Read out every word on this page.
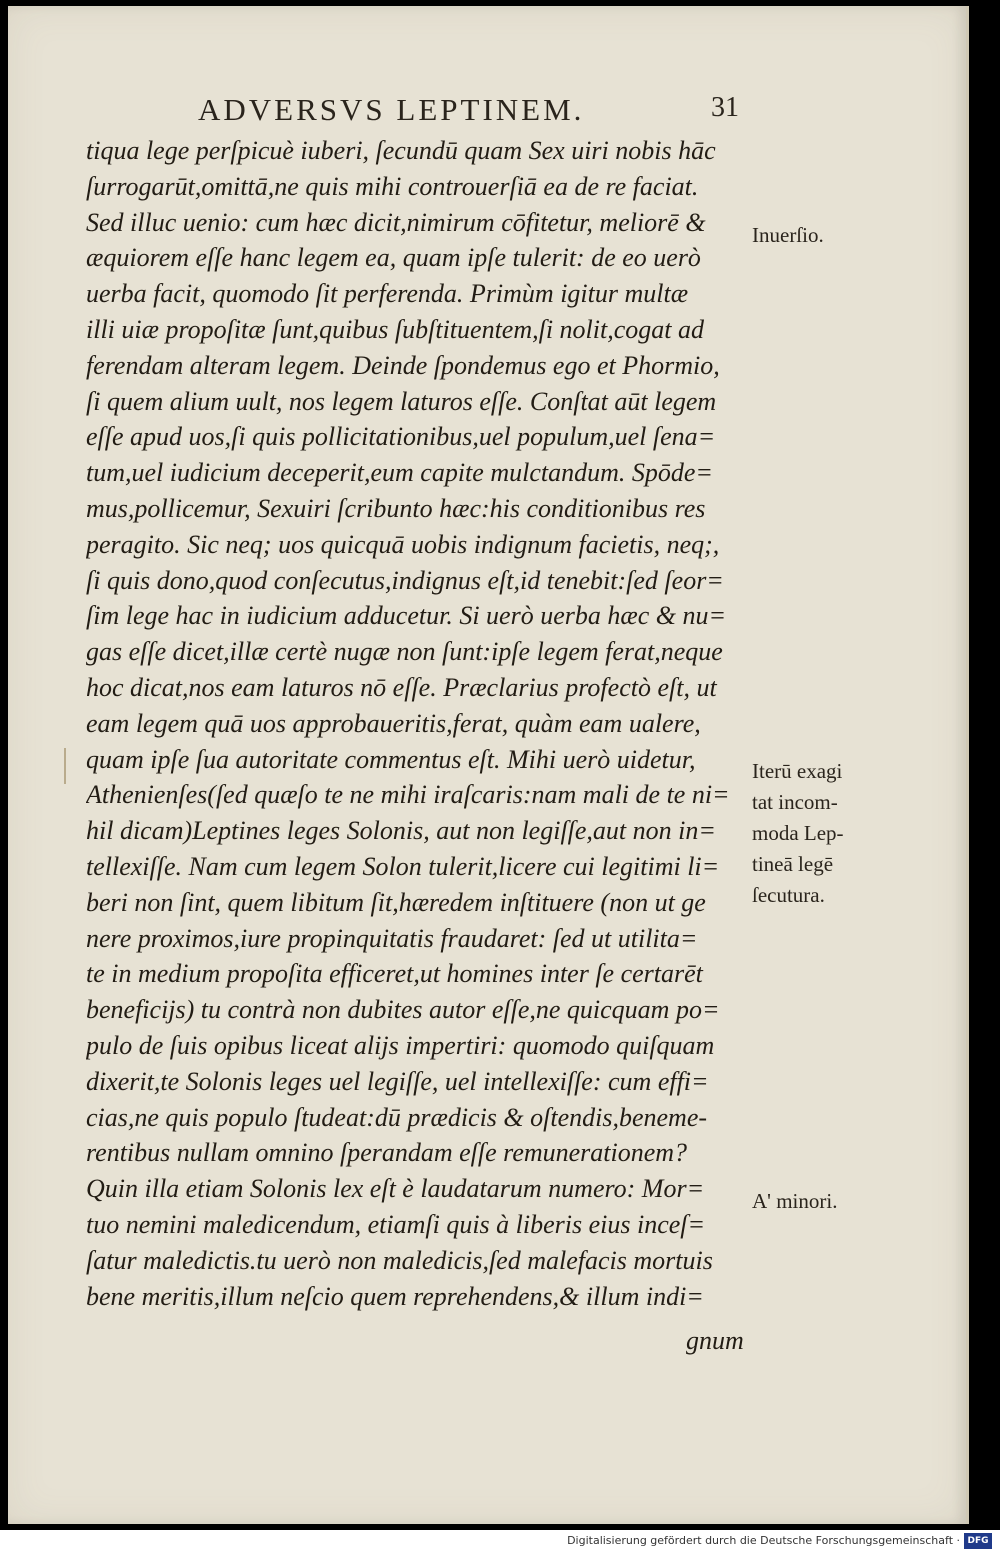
ADVERSVS LEPTINEM.	31
tiqua lege perſpicuè iuberi, ſecundū quam Sex uiri nobis hāc
ſurrogarūt,omittā,ne quis mihi controuerſiā ea de re faciat.
Sed illuc uenio: cum hæc dicit,nimirum cōfitetur, meliorē &
æquiorem eſſe hanc legem ea, quam ipſe tulerit: de eo uerò
uerba facit, quomodo ſit perferenda. Primùm igitur multæ
illi uiæ propoſitæ ſunt,quibus ſubſtituentem,ſi nolit,cogat ad
ferendam alteram legem. Deinde ſpondemus ego et Phormio,
ſi quem alium uult, nos legem laturos eſſe. Conſtat aūt legem
eſſe apud uos,ſi quis pollicitationibus,uel populum,uel ſena=
tum,uel iudicium deceperit,eum capite mulctandum. Spōde=
mus,pollicemur, Sexuiri ſcribunto hæc:his conditionibus res
peragito. Sic neq; uos quicquā uobis indignum facietis, neq;,
ſi quis dono,quod conſecutus,indignus eſt,id tenebit:ſed ſeor=
ſim lege hac in iudicium adducetur. Si uerò uerba hæc & nu=
gas eſſe dicet,illæ certè nugæ non ſunt:ipſe legem ferat,neque
hoc dicat,nos eam laturos nō eſſe. Præclarius profectò eſt, ut
eam legem quā uos approbaueritis,ferat, quàm eam ualere,
quam ipſe ſua autoritate commentus eſt. Mihi uerò uidetur,
Athenienſes(ſed quæſo te ne mihi iraſcaris:nam mali de te ni=
hil dicam)Leptines leges Solonis, aut non legiſſe,aut non in=
tellexiſſe. Nam cum legem Solon tulerit,licere cui legitimi li=
beri non ſint, quem libitum ſit,hæredem inſtituere (non ut ge
nere proximos,iure propinquitatis fraudaret: ſed ut utilita=
te in medium propoſita efficeret,ut homines inter ſe certarēt
beneficijs) tu contrà non dubites autor eſſe,ne quicquam po=
pulo de ſuis opibus liceat alijs impertiri: quomodo quiſquam
dixerit,te Solonis leges uel legiſſe, uel intellexiſſe: cum effi=
cias,ne quis populo ſtudeat:dū prædicis & oſtendis,beneme-
rentibus nullam omnino ſperandam eſſe remunerationem?
Quin illa etiam Solonis lex eſt è laudatarum numero: Mor=
tuo nemini maledicendum, etiamſi quis à liberis eius inceſ=
ſatur maledictis.tu uerò non maledicis,ſed malefacis mortuis
bene meritis,illum neſcio quem reprehendens,& illum indi=
gnum
Inuerſio.
Iterū exagi
tat incom-
moda Lep-
tineā legē
ſecutura.
A' minori.
Digitalisierung gefördert durch die Deutsche Forschungsgemeinschaft · DFG
